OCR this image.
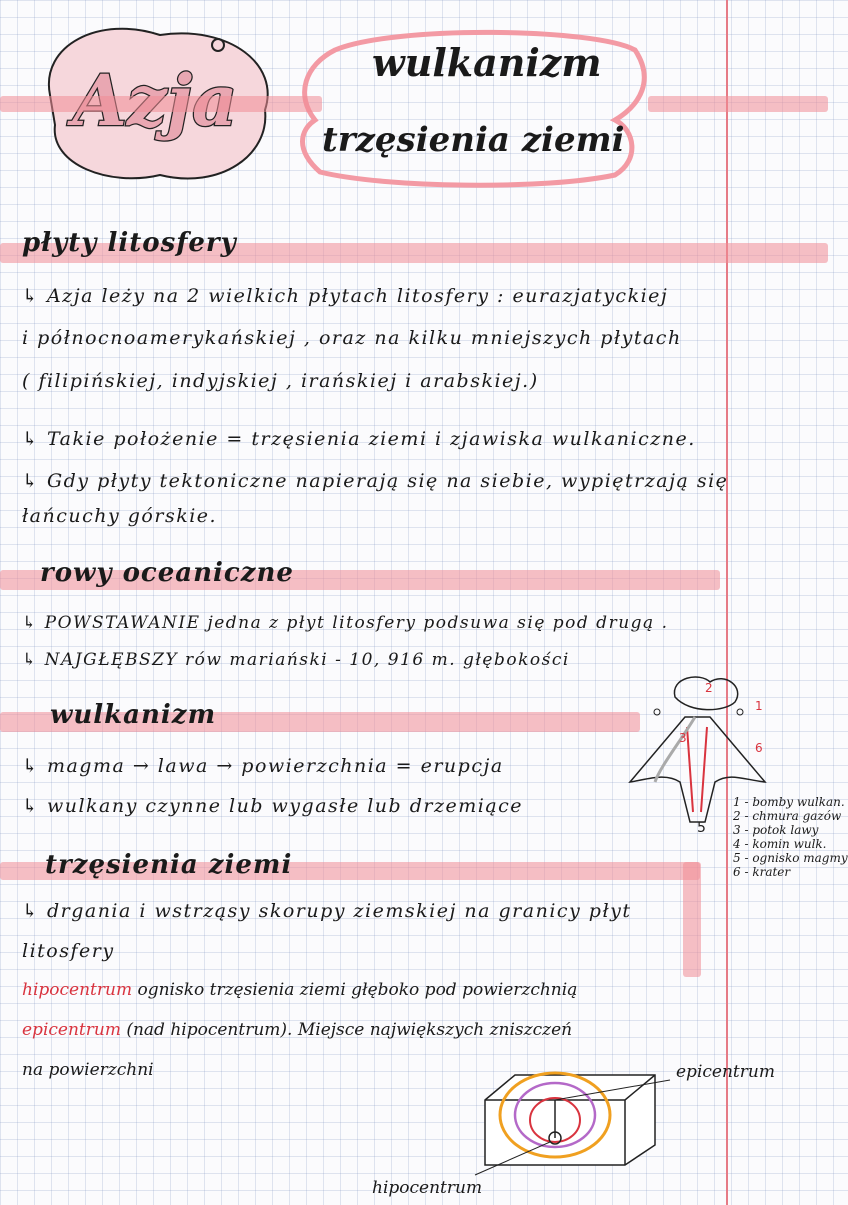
wulkanizm
trzęsienia ziemi
płyty litosfery
↳ Azja leży na 2 wielkich płytach litosfery : eurazjatyckiej
i północnoamerykańskiej , oraz na kilku mniejszych płytach
( filipińskiej, indyjskiej , irańskiej i arabskiej.)
↳ Takie położenie = trzęsienia ziemi i zjawiska wulkaniczne.
↳ Gdy płyty tektoniczne napierają się na siebie, wypiętrzają się
łańcuchy górskie.
rowy oceaniczne
↳ POWSTAWANIE jedna z płyt litosfery podsuwa się pod drugą .
↳ NAJGŁĘBSZY rów mariański - 10, 916 m. głębokości
wulkanizm
↳ magma → lawa → powierzchnia = erupcja
↳ wulkany czynne lub wygasłe lub drzemiące
2
1
3
6
5
1 - bomby wulkan.
2 - chmura gazów
3 - potok lawy
4 - komin wulk.
5 - ognisko magmy
6 - krater
trzęsienia ziemi
↳ drgania i wstrząsy skorupy ziemskiej na granicy płyt
litosfery
hipocentrum ognisko trzęsienia ziemi głęboko pod powierzchnią
epicentrum (nad hipocentrum). Miejsce największych zniszczeń
na powierzchni	epicentrum
hipocentrum
